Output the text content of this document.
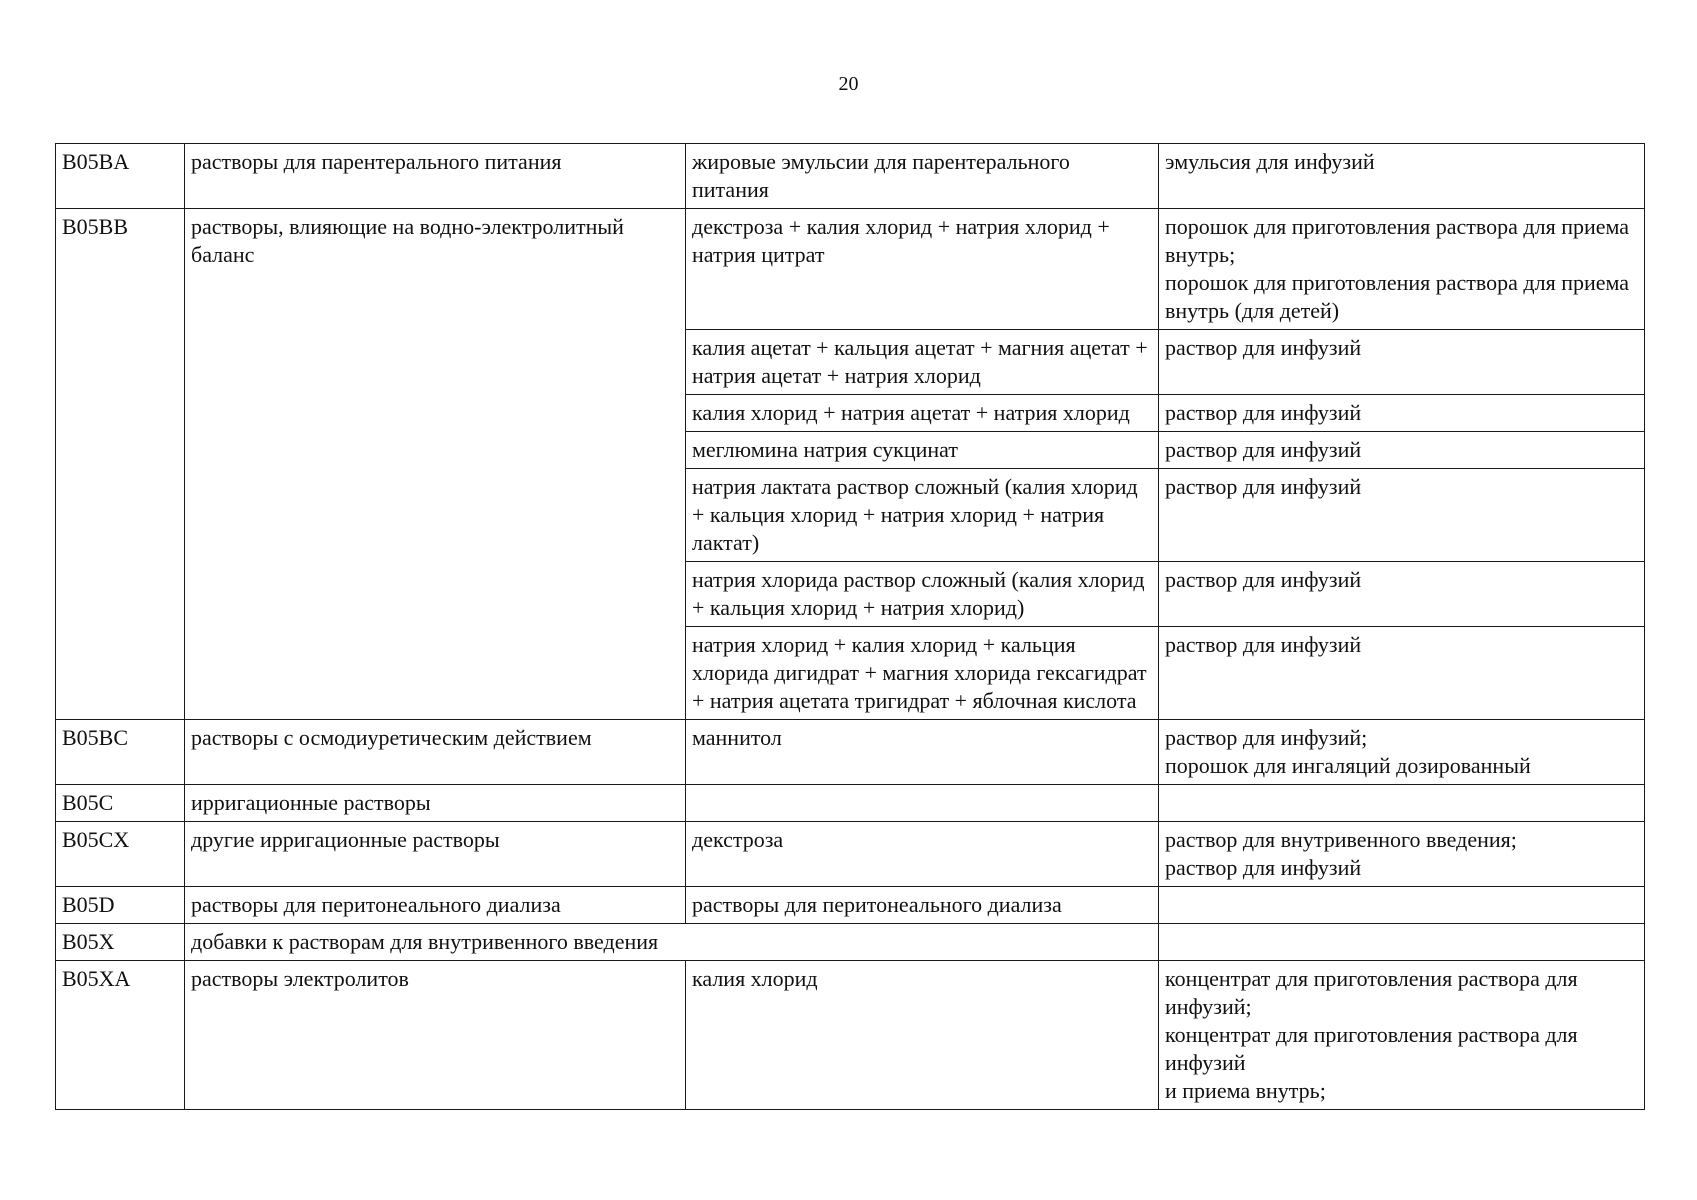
20
B05BA	растворы для парентерального питания	жировые эмульсии для парентерального питания	эмульсия для инфузий
B05BB	растворы, влияющие на водно-электролитный баланс	декстроза + калия хлорид + натрия хлорид + натрия цитрат	порошок для приготовления раствора для приема внутрь;
порошок для приготовления раствора для приема внутрь (для детей)
		калия ацетат + кальция ацетат + магния ацетат + натрия ацетат + натрия хлорид	раствор для инфузий
		калия хлорид + натрия ацетат + натрия хлорид	раствор для инфузий
		меглюмина натрия сукцинат	раствор для инфузий
		натрия лактата раствор сложный (калия хлорид + кальция хлорид + натрия хлорид + натрия лактат)	раствор для инфузий
		натрия хлорида раствор сложный (калия хлорид + кальция хлорид + натрия хлорид)	раствор для инфузий
		натрия хлорид + калия хлорид + кальция хлорида дигидрат + магния хлорида гексагидрат + натрия ацетата тригидрат + яблочная кислота	раствор для инфузий
B05BC	растворы с осмодиуретическим действием	маннитол	раствор для инфузий;
порошок для ингаляций дозированный
B05C	ирригационные растворы		
B05CX	другие ирригационные растворы	декстроза	раствор для внутривенного введения;
раствор для инфузий
B05D	растворы для перитонеального диализа	растворы для перитонеального диализа	
B05X	добавки к растворам для внутривенного введения		
B05XA	растворы электролитов	калия хлорид	концентрат для приготовления раствора для инфузий;
концентрат для приготовления раствора для инфузий
и приема внутрь;
